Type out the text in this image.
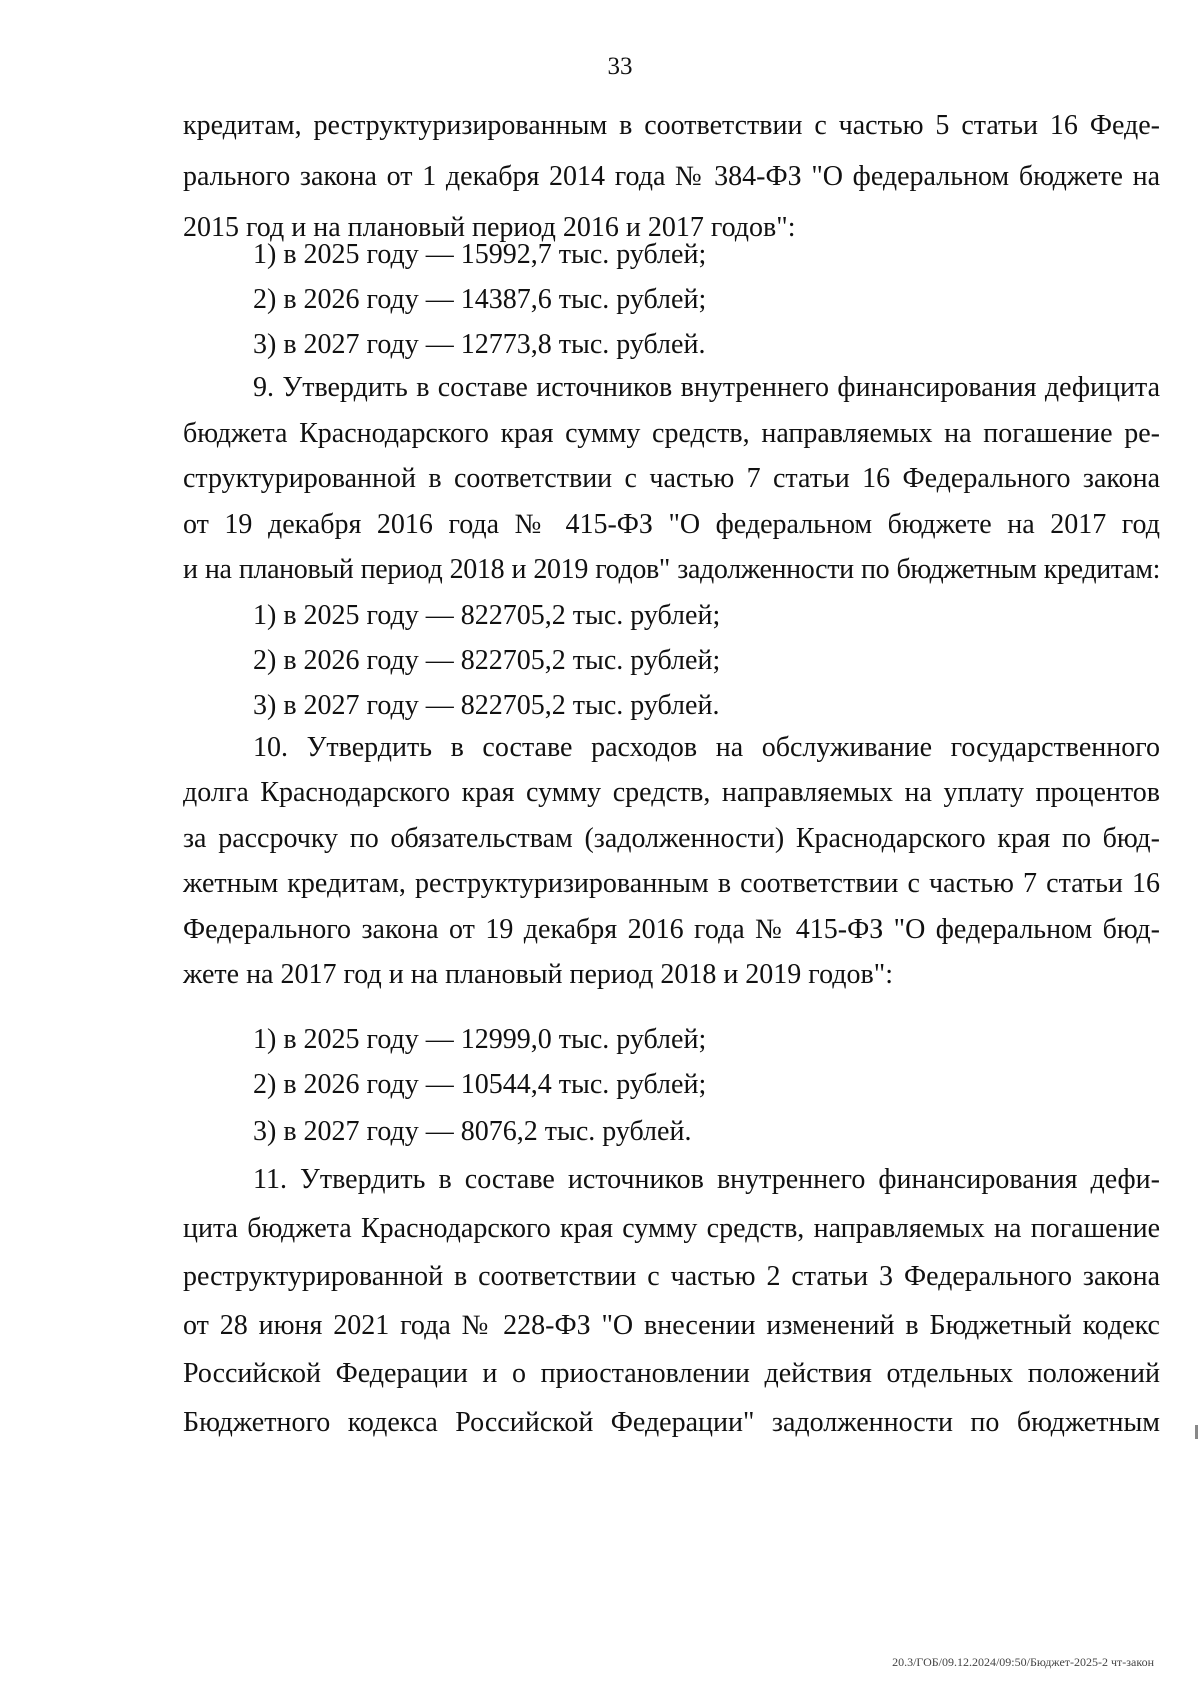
33
кредитам, реструктуризированным в соответствии с частью 5 статьи 16 Феде-
рального закона от 1 декабря 2014 года № 384-ФЗ "О федеральном бюджете на
2015 год и на плановый период 2016 и 2017 годов":
1) в 2025 году — 15992,7 тыс. рублей;
2) в 2026 году — 14387,6 тыс. рублей;
3) в 2027 году — 12773,8 тыс. рублей.
9. Утвердить в составе источников внутреннего финансирования дефицита
бюджета Краснодарского края сумму средств, направляемых на погашение ре-
структурированной в соответствии с частью 7 статьи 16 Федерального закона
от 19 декабря 2016 года № 415-ФЗ "О федеральном бюджете на 2017 год
и на плановый период 2018 и 2019 годов" задолженности по бюджетным кредитам:
1) в 2025 году — 822705,2 тыс. рублей;
2) в 2026 году — 822705,2 тыс. рублей;
3) в 2027 году — 822705,2 тыс. рублей.
10. Утвердить в составе расходов на обслуживание государственного
долга Краснодарского края сумму средств, направляемых на уплату процентов
за рассрочку по обязательствам (задолженности) Краснодарского края по бюд-
жетным кредитам, реструктуризированным в соответствии с частью 7 статьи 16
Федерального закона от 19 декабря 2016 года № 415-ФЗ "О федеральном бюд-
жете на 2017 год и на плановый период 2018 и 2019 годов":
1) в 2025 году — 12999,0 тыс. рублей;
2) в 2026 году — 10544,4 тыс. рублей;
3) в 2027 году — 8076,2 тыс. рублей.
11. Утвердить в составе источников внутреннего финансирования дефи-
цита бюджета Краснодарского края сумму средств, направляемых на погашение
реструктурированной в соответствии с частью 2 статьи 3 Федерального закона
от 28 июня 2021 года № 228-ФЗ "О внесении изменений в Бюджетный кодекс
Российской Федерации и о приостановлении действия отдельных положений
Бюджетного кодекса Российской Федерации" задолженности по бюджетным
20.3/ГОБ/09.12.2024/09:50/Бюджет-2025-2 чт-закон
